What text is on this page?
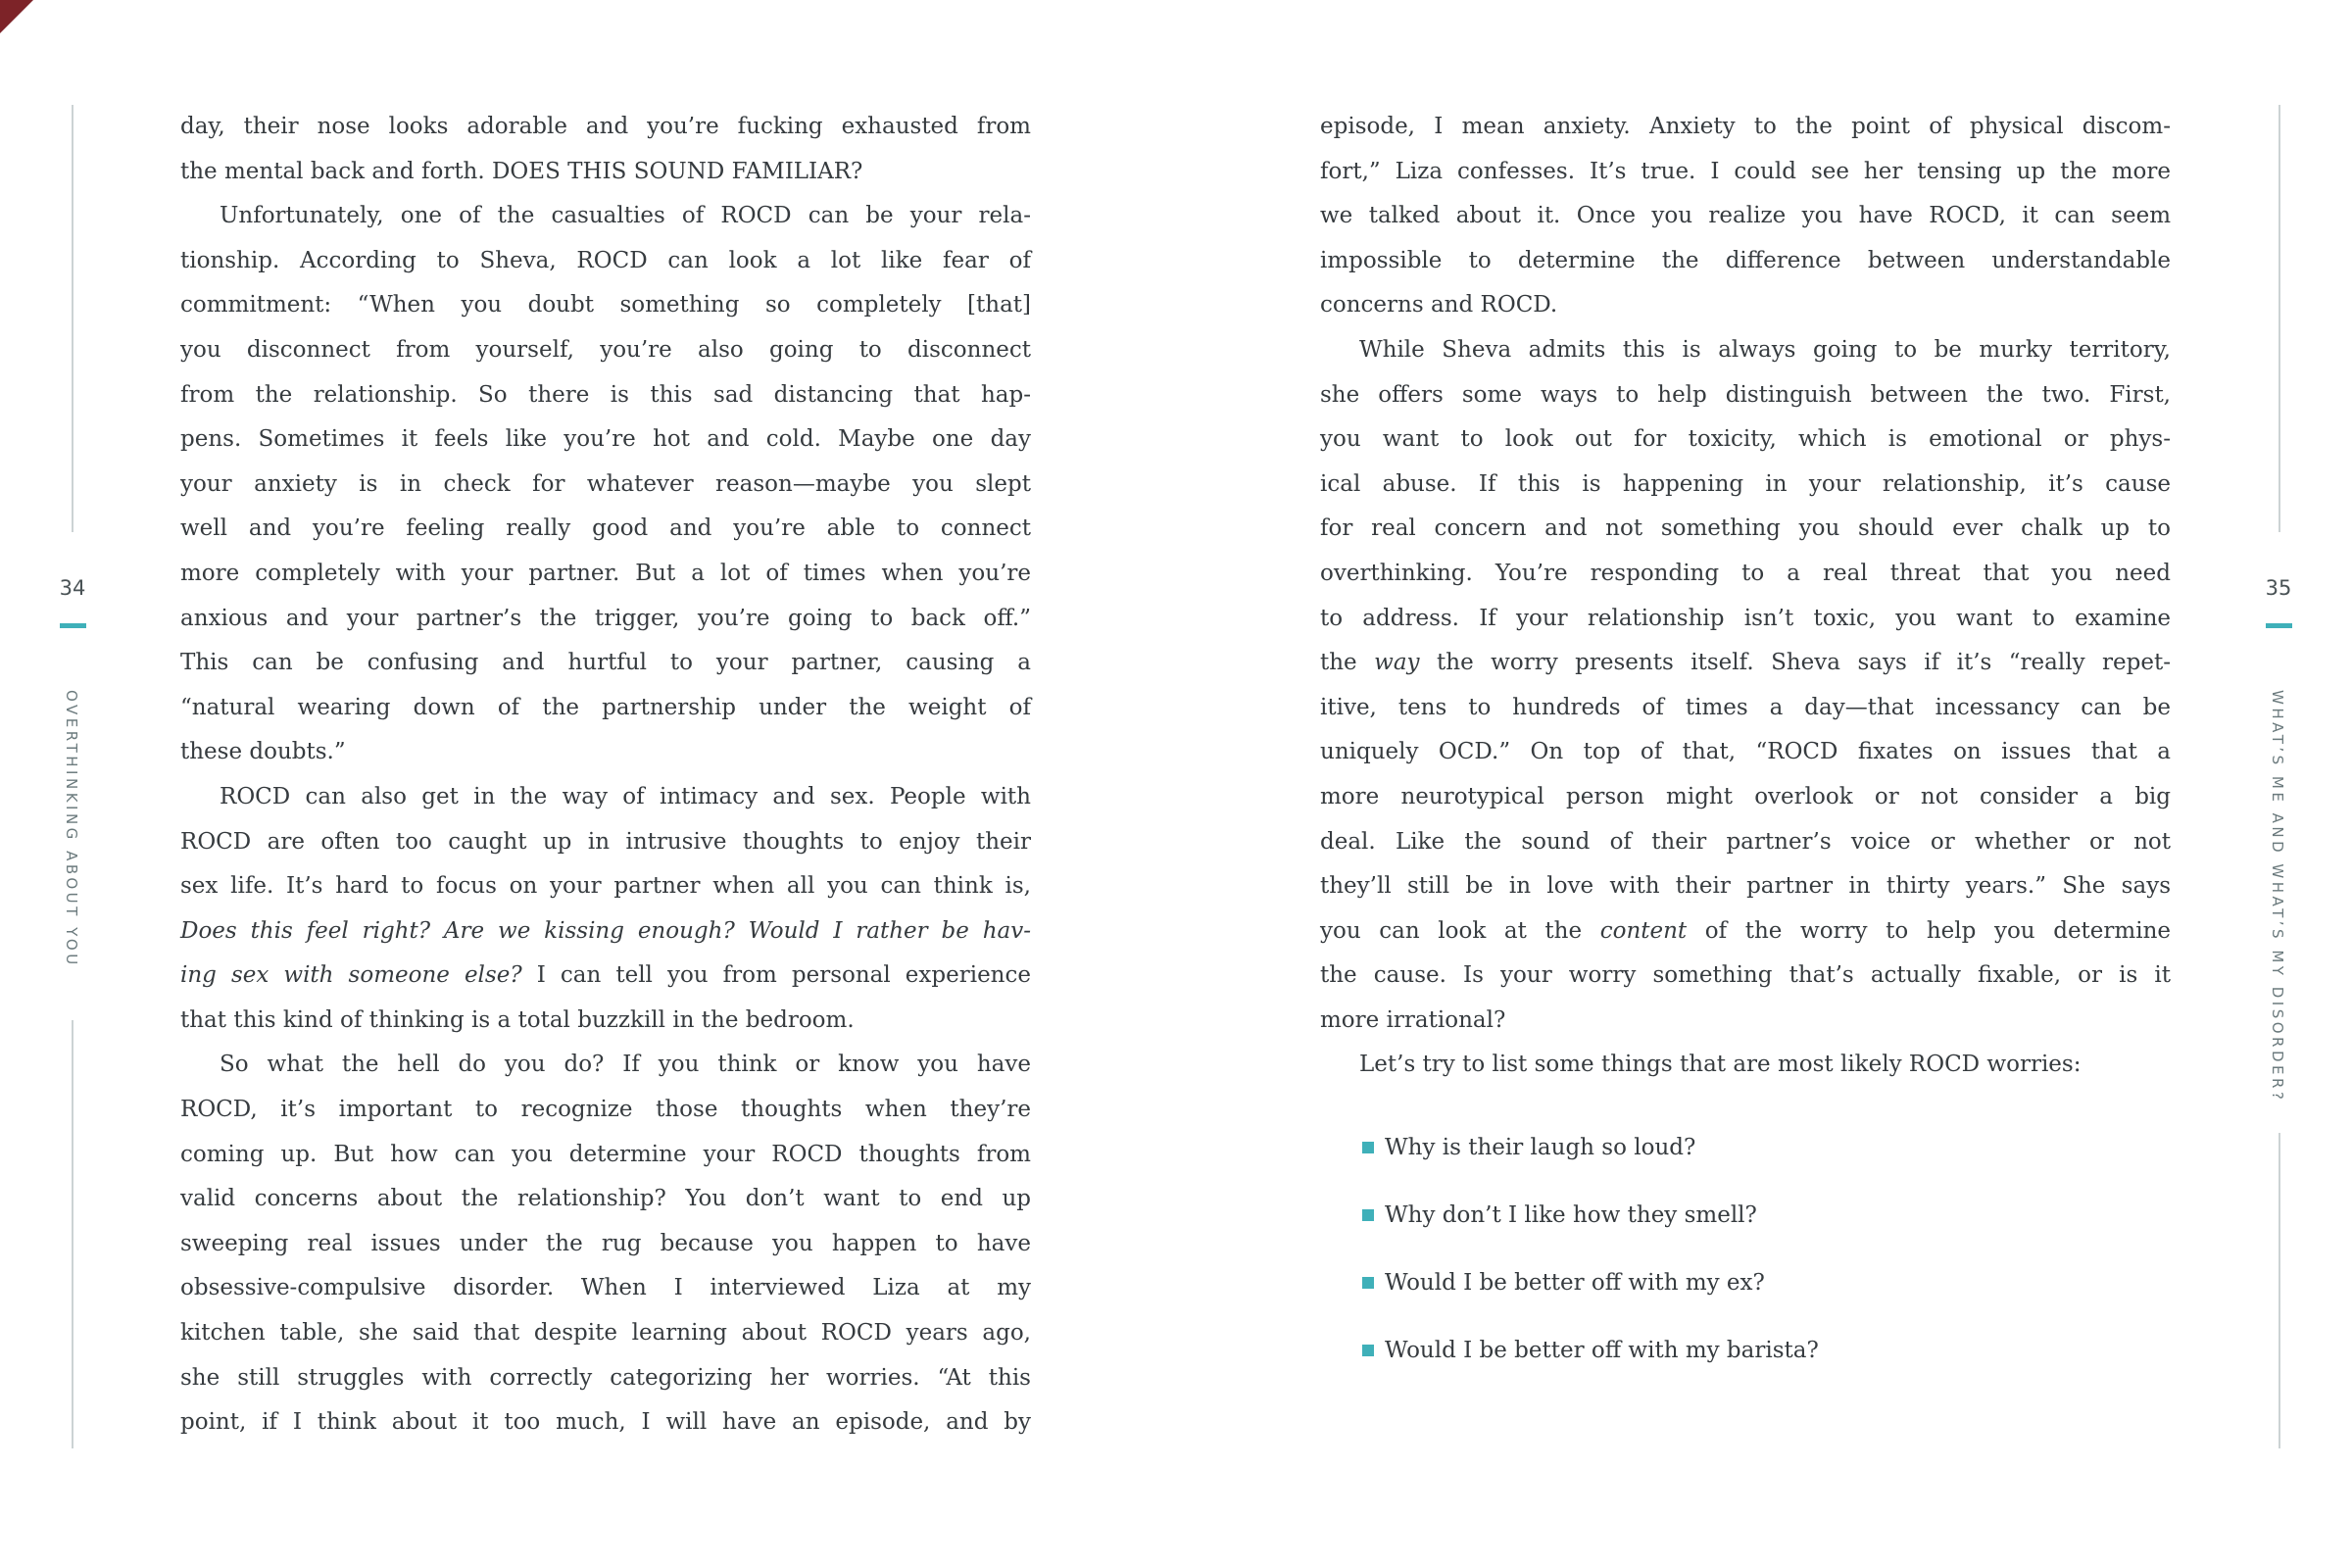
34
OVERTHINKING ABOUT YOU
35
WHAT’S ME AND WHAT’S MY DISORDER?
day, their nose looks adorable and you’re fucking exhausted from
the mental back and forth. DOES THIS SOUND FAMILIAR?
Unfortunately, one of the casualties of ROCD can be your rela-
tionship. According to Sheva, ROCD can look a lot like fear of
commitment: “When you doubt something so completely [that]
you disconnect from yourself, you’re also going to disconnect
from the relationship. So there is this sad distancing that hap-
pens. Sometimes it feels like you’re hot and cold. Maybe one day
your anxiety is in check for whatever reason—maybe you slept
well and you’re feeling really good and you’re able to connect
more completely with your partner. But a lot of times when you’re
anxious and your partner’s the trigger, you’re going to back off.”
This can be confusing and hurtful to your partner, causing a
“natural wearing down of the partnership under the weight of
these doubts.”
ROCD can also get in the way of intimacy and sex. People with
ROCD are often too caught up in intrusive thoughts to enjoy their
sex life. It’s hard to focus on your partner when all you can think is,
Does this feel right? Are we kissing enough? Would I rather be hav-
ing sex with someone else? I can tell you from personal experience
that this kind of thinking is a total buzzkill in the bedroom.
So what the hell do you do? If you think or know you have
ROCD, it’s important to recognize those thoughts when they’re
coming up. But how can you determine your ROCD thoughts from
valid concerns about the relationship? You don’t want to end up
sweeping real issues under the rug because you happen to have
obsessive-compulsive disorder. When I interviewed Liza at my
kitchen table, she said that despite learning about ROCD years ago,
she still struggles with correctly categorizing her worries. “At this
point, if I think about it too much, I will have an episode, and by
episode, I mean anxiety. Anxiety to the point of physical discom-
fort,” Liza confesses. It’s true. I could see her tensing up the more
we talked about it. Once you realize you have ROCD, it can seem
impossible to determine the difference between understandable
concerns and ROCD.
While Sheva admits this is always going to be murky territory,
she offers some ways to help distinguish between the two. First,
you want to look out for toxicity, which is emotional or phys-
ical abuse. If this is happening in your relationship, it’s cause
for real concern and not something you should ever chalk up to
overthinking. You’re responding to a real threat that you need
to address. If your relationship isn’t toxic, you want to examine
the way the worry presents itself. Sheva says if it’s “really repet-
itive, tens to hundreds of times a day—that incessancy can be
uniquely OCD.” On top of that, “ROCD fixates on issues that a
more neurotypical person might overlook or not consider a big
deal. Like the sound of their partner’s voice or whether or not
they’ll still be in love with their partner in thirty years.” She says
you can look at the content of the worry to help you determine
the cause. Is your worry something that’s actually fixable, or is it
more irrational?
Let’s try to list some things that are most likely ROCD worries:
Why is their laugh so loud?
Why don’t I like how they smell?
Would I be better off with my ex?
Would I be better off with my barista?
